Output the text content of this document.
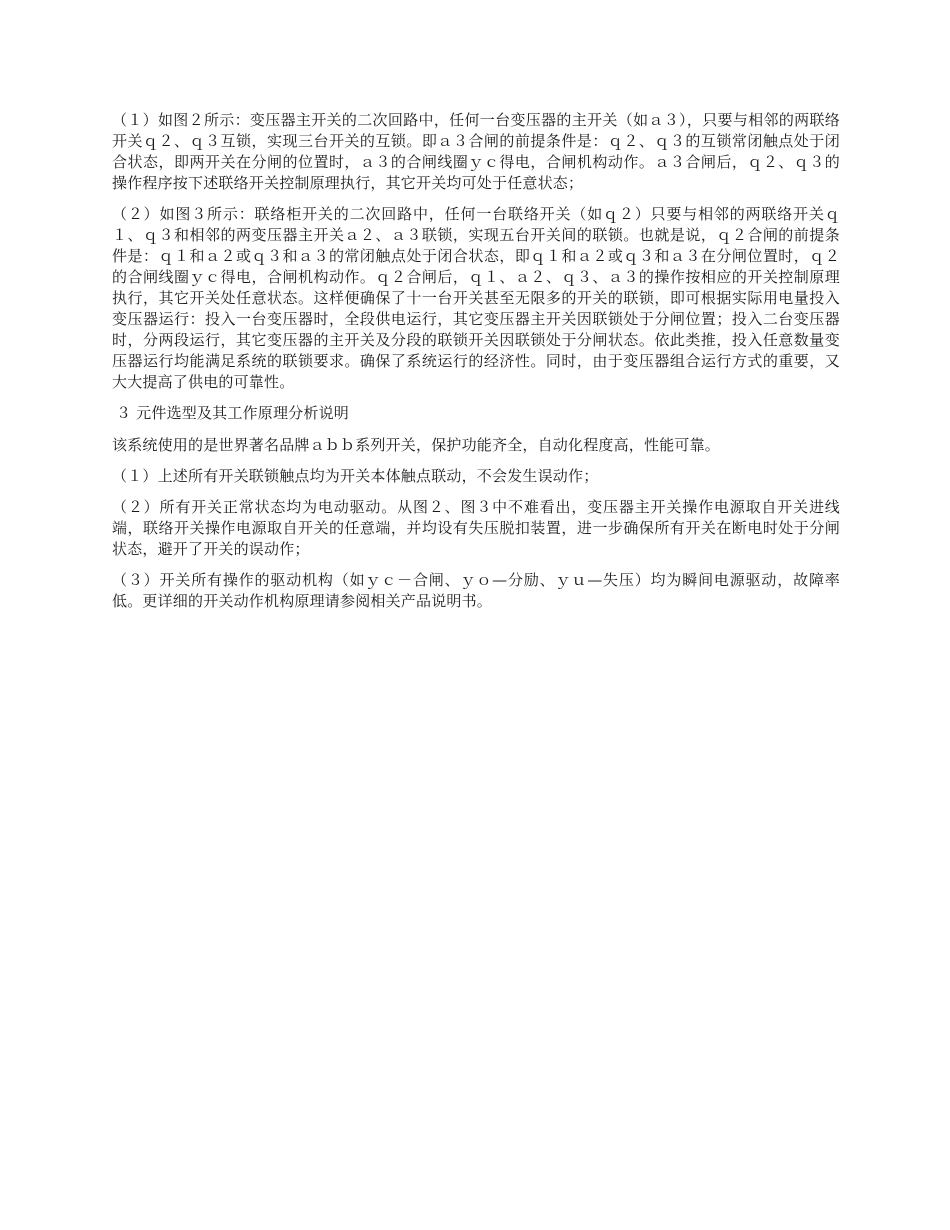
（１）如图２所示：变压器主开关的二次回路中，任何一台变压器的主开关（如ａ３），只要与相邻的两联络开关ｑ２、ｑ３互锁，实现三台开关的互锁。即ａ３合闸的前提条件是：ｑ２、ｑ３的互锁常闭触点处于闭合状态，即两开关在分闸的位置时，ａ３的合闸线圈ｙｃ得电，合闸机构动作。ａ３合闸后，ｑ２、ｑ３的操作程序按下述联络开关控制原理执行，其它开关均可处于任意状态；

（２）如图３所示：联络柜开关的二次回路中，任何一台联络开关（如ｑ２）只要与相邻的两联络开关ｑ１、ｑ３和相邻的两变压器主开关ａ２、ａ３联锁，实现五台开关间的联锁。也就是说，ｑ２合闸的前提条件是：ｑ１和ａ２或ｑ３和ａ３的常闭触点处于闭合状态，即ｑ１和ａ２或ｑ３和ａ３在分闸位置时，ｑ２的合闸线圈ｙｃ得电，合闸机构动作。ｑ２合闸后，ｑ１、ａ２、ｑ３、ａ３的操作按相应的开关控制原理执行，其它开关处任意状态。这样便确保了十一台开关甚至无限多的开关的联锁，即可根据实际用电量投入变压器运行：投入一台变压器时，全段供电运行，其它变压器主开关因联锁处于分闸位置；投入二台变压器时，分两段运行，其它变压器的主开关及分段的联锁开关因联锁处于分闸状态。依此类推，投入任意数量变压器运行均能满足系统的联锁要求。确保了系统运行的经济性。同时，由于变压器组合运行方式的重要，又大大提高了供电的可靠性。

３ 元件选型及其工作原理分析说明

该系统使用的是世界著名品牌ａｂｂ系列开关，保护功能齐全，自动化程度高，性能可靠。

（１）上述所有开关联锁触点均为开关本体触点联动，不会发生误动作；

（２）所有开关正常状态均为电动驱动。从图２、图３中不难看出，变压器主开关操作电源取自开关进线端，联络开关操作电源取自开关的任意端，并均设有失压脱扣装置，进一步确保所有开关在断电时处于分闸状态，避开了开关的误动作；

（３）开关所有操作的驱动机构（如ｙｃ－合闸、ｙｏ—分励、ｙｕ—失压）均为瞬间电源驱动，故障率低。更详细的开关动作机构原理请参阅相关产品说明书。
